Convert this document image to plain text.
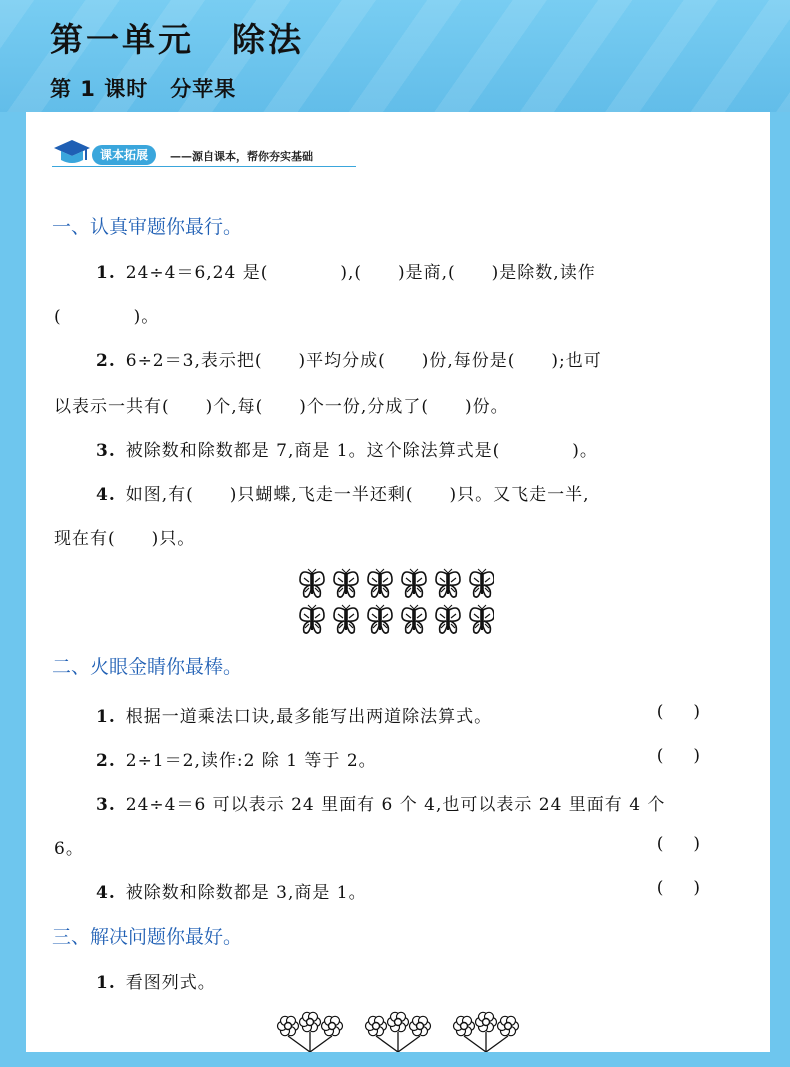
第一单元 除法
第 1 课时 分苹果
课本拓展	——源自课本，帮你夯实基础
一、认真审题你最行。
1. 24÷4＝6,24 是(　　　　),(　　)是商,(　　)是除数,读作
(　　　　)。
2. 6÷2＝3,表示把(　　)平均分成(　　)份,每份是(　　);也可
以表示一共有(　　)个,每(　　)个一份,分成了(　　)份。
3. 被除数和除数都是 7,商是 1。这个除法算式是(　　　　)。
4. 如图,有(　　)只蝴蝶,飞走一半还剩(　　)只。又飞走一半,
现在有(　　)只。
二、火眼金睛你最棒。
1. 根据一道乘法口诀,最多能写出两道除法算式。	()
2. 2÷1＝2,读作:2 除 1 等于 2。	()
3. 24÷4＝6 可以表示 24 里面有 6 个 4,也可以表示 24 里面有 4 个
6。	()
4. 被除数和除数都是 3,商是 1。	()
三、解决问题你最好。
1. 看图列式。
